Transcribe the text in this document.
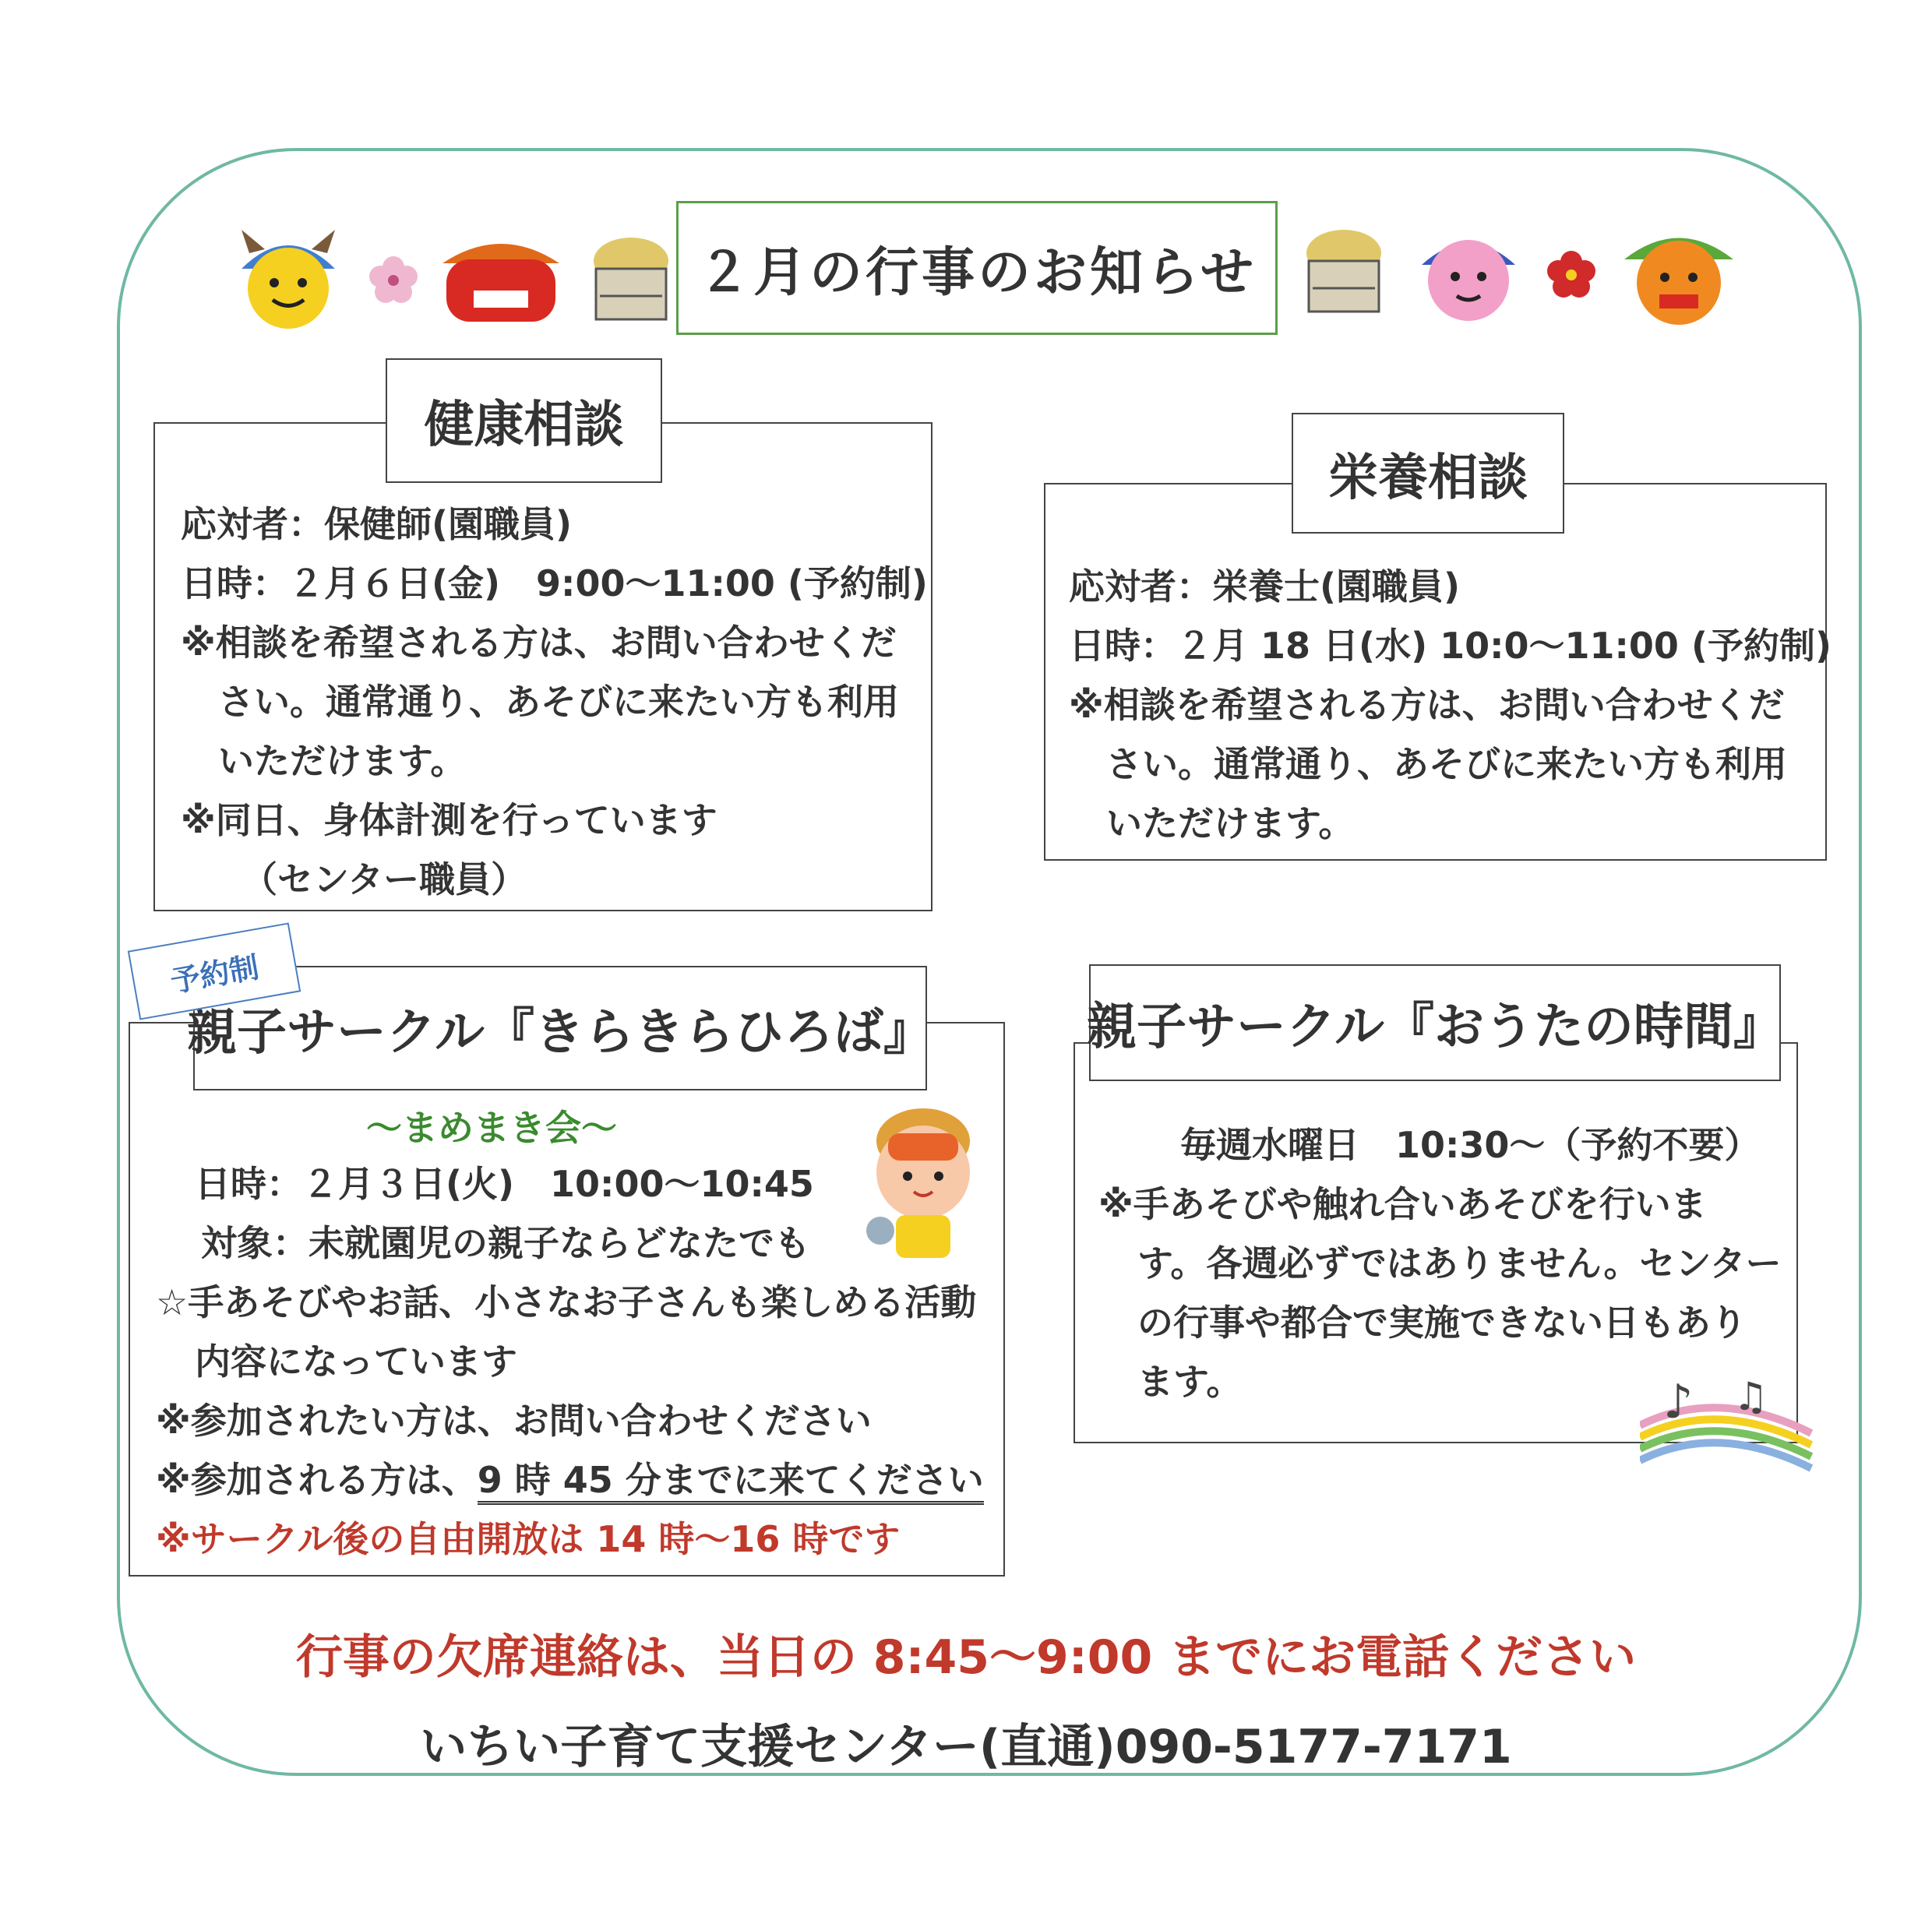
２月の行事のお知らせ
健康相談
応対者：保健師(園職員)
日時：２月６日(金)　9:00～11:00 (予約制)
※相談を希望される方は、お問い合わせくだ
さい。通常通り、あそびに来たい方も利用
いただけます。
※同日、身体計測を行っています
（センター職員）
栄養相談
応対者：栄養士(園職員)
日時：２月 18 日(水) 10:0～11:00 (予約制)
※相談を希望される方は、お問い合わせくだ
さい。通常通り、あそびに来たい方も利用
いただけます。
親子サークル『きらきらひろば』
予約制
～まめまき会～
日時：２月３日(火)　10:00～10:45
対象：未就園児の親子ならどなたでも
☆手あそびやお話、小さなお子さんも楽しめる活動
内容になっています
※参加されたい方は、お問い合わせください
※参加される方は、9 時 45 分までに来てください
※サークル後の自由開放は 14 時～16 時です
親子サークル『おうたの時間』
毎週水曜日　10:30～（予約不要）
※手あそびや触れ合いあそびを行いま
す。各週必ずではありません。センター
の行事や都合で実施できない日もあり
ます。	♪ ♫
行事の欠席連絡は、当日の 8:45～9:00 までにお電話ください
いちい子育て支援センター(直通)090-5177-7171
